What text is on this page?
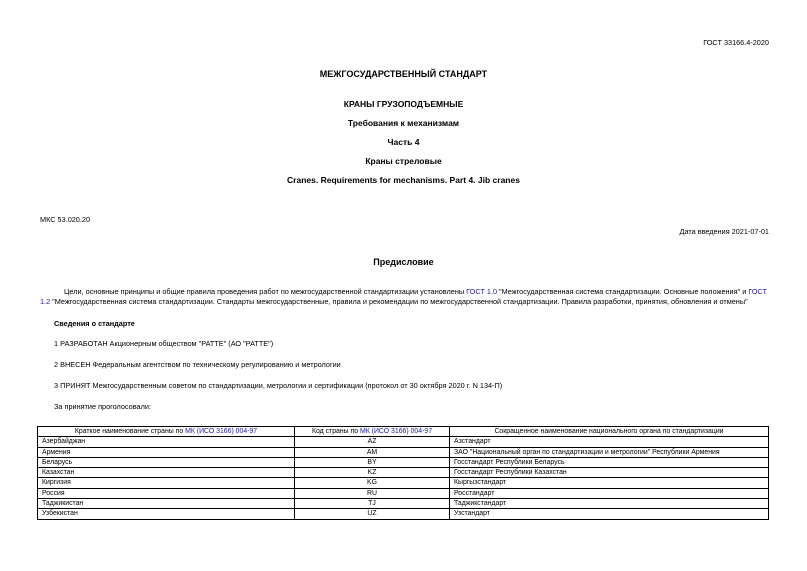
ГОСТ 33166.4-2020
МЕЖГОСУДАРСТВЕННЫЙ СТАНДАРТ
КРАНЫ ГРУЗОПОДЪЕМНЫЕ
Требования к механизмам
Часть 4
Краны стреловые
Cranes. Requirements for mechanisms. Part 4. Jib cranes
МКС 53.020.20
Дата введения 2021-07-01
Предисловие
Цели, основные принципы и общие правила проведения работ по межгосударственной стандартизации установлены ГОСТ 1.0 "Межгосударственная система стандартизации. Основные положения" и ГОСТ 1.2 "Межгосударственная система стандартизации. Стандарты межгосударственные, правила и рекомендации по межгосударственной стандартизации. Правила разработки, принятия, обновления и отмены"
Сведения о стандарте
1 РАЗРАБОТАН Акционерным обществом "РАТТЕ" (АО "РАТТЕ")
2 ВНЕСЕН Федеральным агентством по техническому регулированию и метрологии
3 ПРИНЯТ Межгосударственным советом по стандартизации, метрологии и сертификации (протокол от 30 октября 2020 г. N 134-П)
За принятие проголосовали:
Краткое наименование страны по МК (ИСО 3166) 004-97	Код страны по МК (ИСО 3166) 004-97	Сокращенное наименование национального органа по стандартизации
Азербайджан	AZ	Азстандарт
Армения	AM	ЗАО "Национальный орган по стандартизации и метрологии" Республики Армения
Беларусь	BY	Госстандарт Республики Беларусь
Казахстан	KZ	Госстандарт Республики Казахстан
Киргизия	KG	Кыргызстандарт
Россия	RU	Росстандарт
Таджикистан	TJ	Таджикстандарт
Узбекистан	UZ	Узстандарт
